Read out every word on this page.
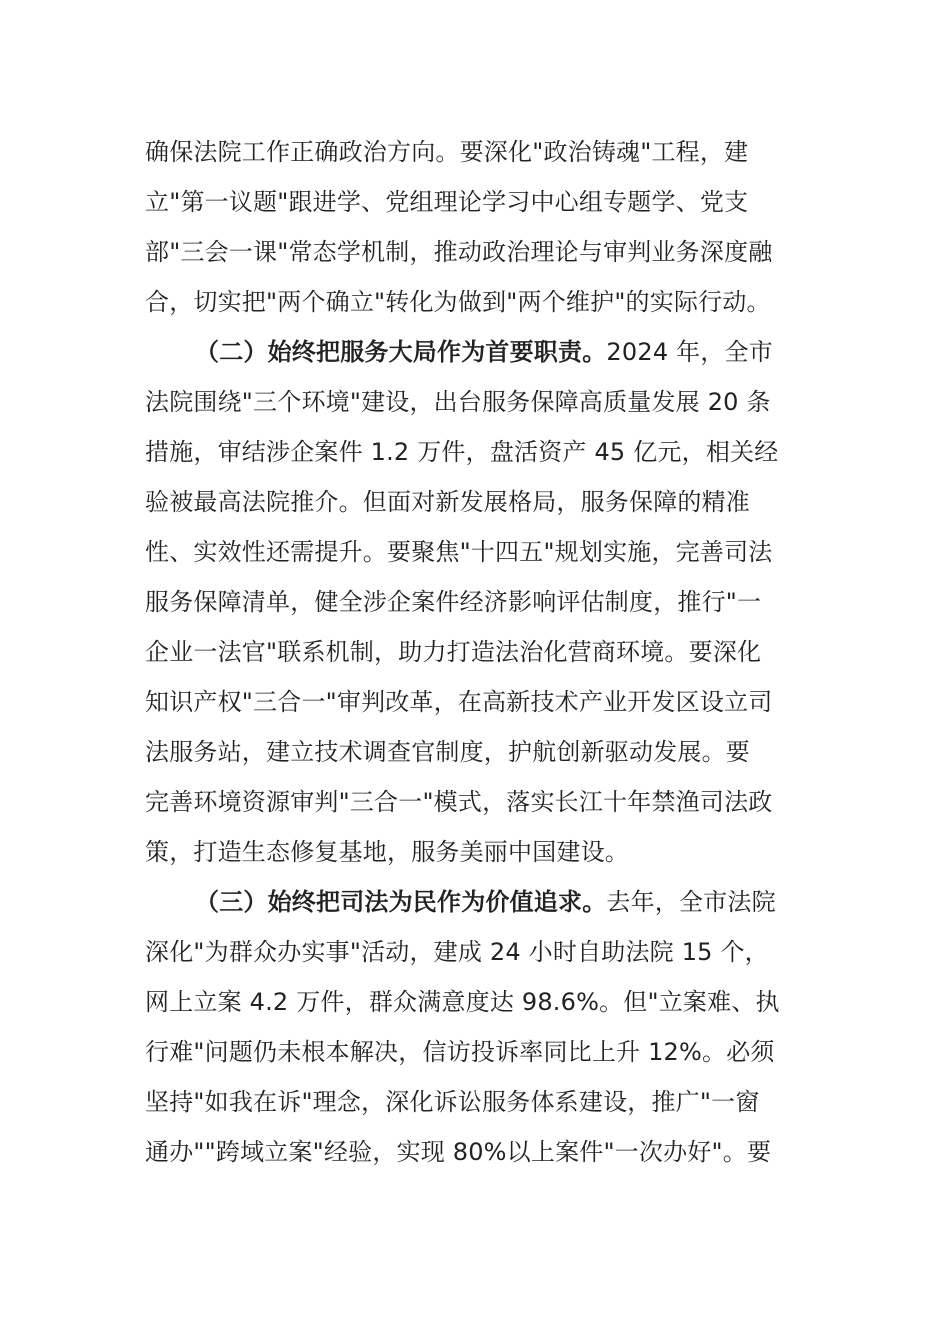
确保法院工作正确政治方向。要深化"政治铸魂"工程，建
立"第一议题"跟进学、党组理论学习中心组专题学、党支
部"三会一课"常态学机制，推动政治理论与审判业务深度融
合，切实把"两个确立"转化为做到"两个维护"的实际行动。
（二）始终把服务大局作为首要职责。2024 年，全市
法院围绕"三个环境"建设，出台服务保障高质量发展 20 条
措施，审结涉企案件 1.2 万件，盘活资产 45 亿元，相关经
验被最高法院推介。但面对新发展格局，服务保障的精准
性、实效性还需提升。要聚焦"十四五"规划实施，完善司法
服务保障清单，健全涉企案件经济影响评估制度，推行"一
企业一法官"联系机制，助力打造法治化营商环境。要深化
知识产权"三合一"审判改革，在高新技术产业开发区设立司
法服务站，建立技术调查官制度，护航创新驱动发展。要
完善环境资源审判"三合一"模式，落实长江十年禁渔司法政
策，打造生态修复基地，服务美丽中国建设。
（三）始终把司法为民作为价值追求。去年，全市法院
深化"为群众办实事"活动，建成 24 小时自助法院 15 个，
网上立案 4.2 万件，群众满意度达 98.6%。但"立案难、执
行难"问题仍未根本解决，信访投诉率同比上升 12%。必须
坚持"如我在诉"理念，深化诉讼服务体系建设，推广"一窗
通办""跨域立案"经验，实现 80%以上案件"一次办好"。要
